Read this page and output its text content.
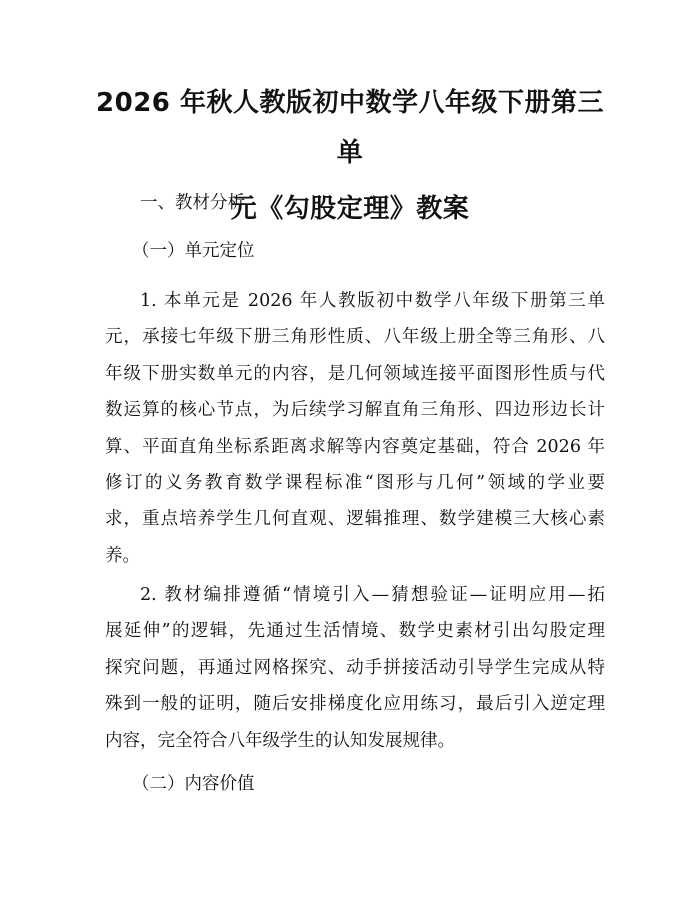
2026 年秋人教版初中数学八年级下册第三单
元《勾股定理》教案

一、教材分析

（一）单元定位

1. 本单元是 2026 年人教版初中数学八年级下册第三单
元，承接七年级下册三角形性质、八年级上册全等三角形、八
年级下册实数单元的内容，是几何领域连接平面图形性质与代
数运算的核心节点，为后续学习解直角三角形、四边形边长计
算、平面直角坐标系距离求解等内容奠定基础，符合 2026 年
修订的义务教育数学课程标准“图形与几何”领域的学业要
求，重点培养学生几何直观、逻辑推理、数学建模三大核心素
养。
2. 教材编排遵循“情境引入—猜想验证—证明应用—拓
展延伸”的逻辑，先通过生活情境、数学史素材引出勾股定理
探究问题，再通过网格探究、动手拼接活动引导学生完成从特
殊到一般的证明，随后安排梯度化应用练习，最后引入逆定理
内容，完全符合八年级学生的认知发展规律。

（二）内容价值
